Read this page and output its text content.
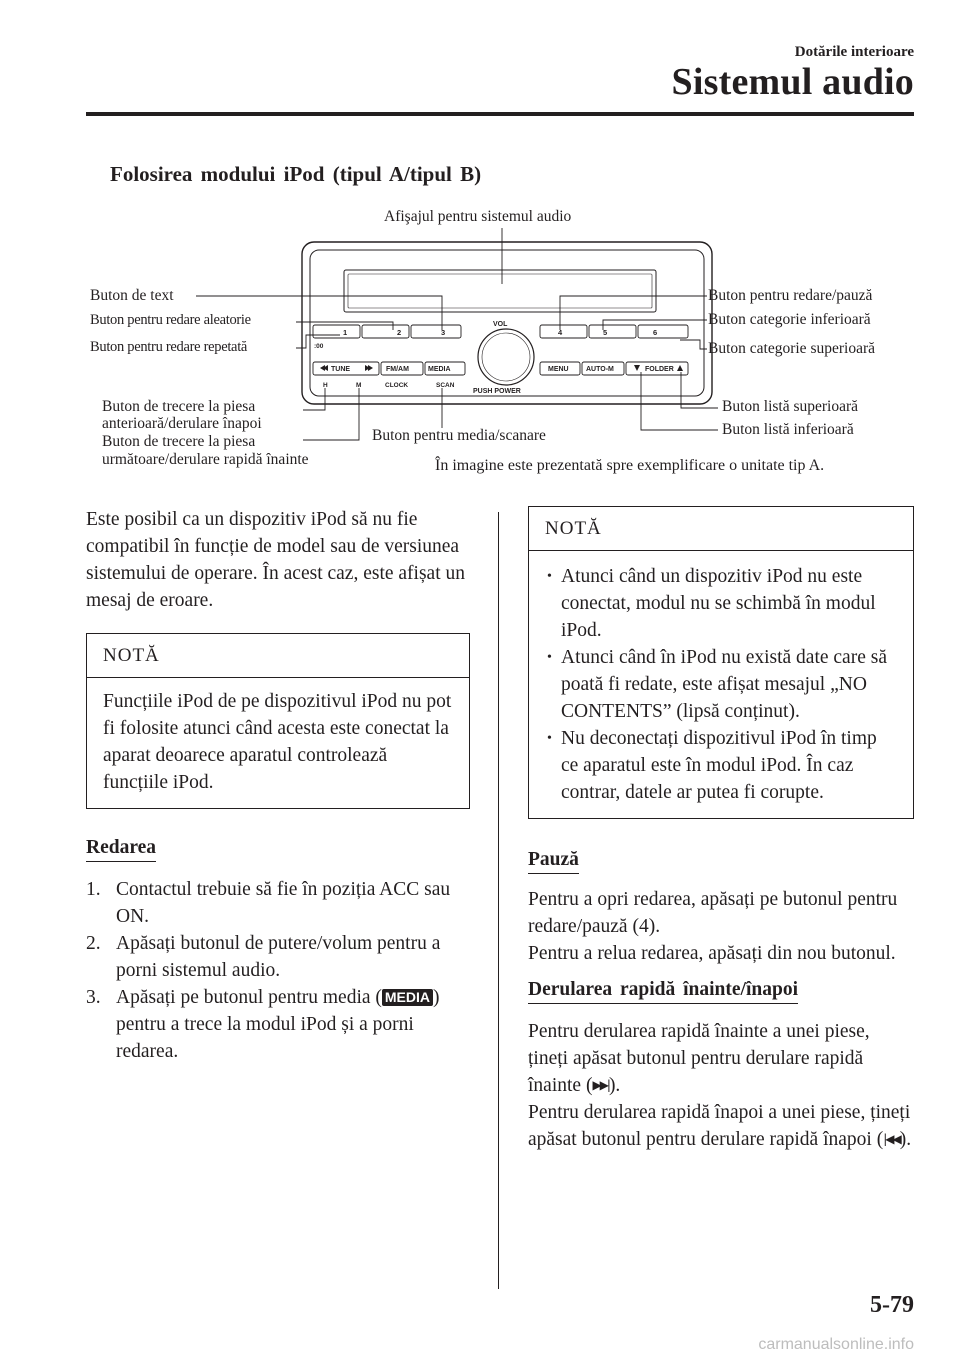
Dotările interioare
Sistemul audio
Folosirea modului iPod (tipul A/tipul B)
1	2	3	4	5	6
:00
VOL
TUNE	FM/AM	MEDIA
H	M	CLOCK	SCAN
PUSH POWER
MENU AUTO-M	FOLDER
Afişajul pentru sistemul audio
Buton de text
Buton pentru redare aleatorie
Buton pentru redare repetată
Buton de trecere la piesa
anterioară/derulare înapoi
Buton de trecere la piesa
următoare/derulare rapidă înainte
Buton pentru media/scanare
Buton pentru redare/pauză
Buton categorie inferioară
Buton categorie superioară
Buton listă superioară
Buton listă inferioară
În imagine este prezentată spre exemplificare o unitate tip A.
Este posibil ca un dispozitiv iPod să nu fie compatibil în funcție de model sau de versiunea sistemului de operare. În acest caz, este afișat un mesaj de eroare.
NOTĂ
Funcțiile iPod de pe dispozitivul iPod nu pot fi folosite atunci când acesta este conectat la aparat deoarece aparatul controlează funcțiile iPod.
Redarea
1. Contactul trebuie să fie în poziția ACC sau ON.
2. Apăsați butonul de putere/volum pentru a porni sistemul audio.
3. Apăsați pe butonul pentru media ( MEDIA ) pentru a trece la modul iPod și a porni redarea.
NOTĂ
• Atunci când un dispozitiv iPod nu este conectat, modul nu se schimbă în modul iPod.
• Atunci când în iPod nu există date care să poată fi redate, este afișat mesajul „NO CONTENTS” (lipsă conținut).
• Nu deconectați dispozitivul iPod în timp ce aparatul este în modul iPod. În caz contrar, datele ar putea fi corupte.
Pauză
Pentru a opri redarea, apăsați pe butonul pentru redare/pauză (4).
Pentru a relua redarea, apăsați din nou butonul.
Derularea rapidă înainte/înapoi
Pentru derularea rapidă înainte a unei piese, țineți apăsat butonul pentru derulare rapidă înainte (▶▶|).
Pentru derularea rapidă înapoi a unei piese, țineți apăsat butonul pentru derulare rapidă înapoi (|◀◀).
5-79
carmanualsonline.info
